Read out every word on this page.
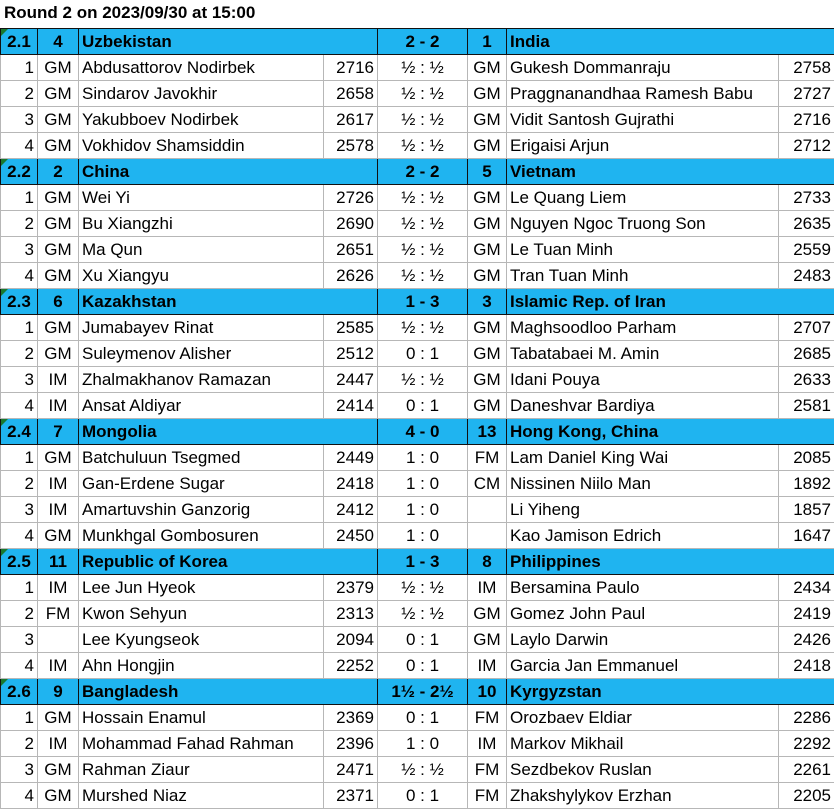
Round 2 on 2023/09/30 at 15:00
2.1	4	Uzbekistan		2 - 2	1	India	
1	GM	Abdusattorov Nodirbek	2716	½ : ½	GM	Gukesh Dommanraju	2758
2	GM	Sindarov Javokhir	2658	½ : ½	GM	Praggnanandhaa Ramesh Babu	2727
3	GM	Yakubboev Nodirbek	2617	½ : ½	GM	Vidit Santosh Gujrathi	2716
4	GM	Vokhidov Shamsiddin	2578	½ : ½	GM	Erigaisi Arjun	2712
2.2	2	China		2 - 2	5	Vietnam	
1	GM	Wei Yi	2726	½ : ½	GM	Le Quang Liem	2733
2	GM	Bu Xiangzhi	2690	½ : ½	GM	Nguyen Ngoc Truong Son	2635
3	GM	Ma Qun	2651	½ : ½	GM	Le Tuan Minh	2559
4	GM	Xu Xiangyu	2626	½ : ½	GM	Tran Tuan Minh	2483
2.3	6	Kazakhstan		1 - 3	3	Islamic Rep. of Iran	
1	GM	Jumabayev Rinat	2585	½ : ½	GM	Maghsoodloo Parham	2707
2	GM	Suleymenov Alisher	2512	0 : 1	GM	Tabatabaei M. Amin	2685
3	IM	Zhalmakhanov Ramazan	2447	½ : ½	GM	Idani Pouya	2633
4	IM	Ansat Aldiyar	2414	0 : 1	GM	Daneshvar Bardiya	2581
2.4	7	Mongolia		4 - 0	13	Hong Kong, China	
1	GM	Batchuluun Tsegmed	2449	1 : 0	FM	Lam Daniel King Wai	2085
2	IM	Gan-Erdene Sugar	2418	1 : 0	CM	Nissinen Niilo Man	1892
3	IM	Amartuvshin Ganzorig	2412	1 : 0		Li Yiheng	1857
4	GM	Munkhgal Gombosuren	2450	1 : 0		Kao Jamison Edrich	1647
2.5	11	Republic of Korea		1 - 3	8	Philippines	
1	IM	Lee Jun Hyeok	2379	½ : ½	IM	Bersamina Paulo	2434
2	FM	Kwon Sehyun	2313	½ : ½	GM	Gomez John Paul	2419
3		Lee Kyungseok	2094	0 : 1	GM	Laylo Darwin	2426
4	IM	Ahn Hongjin	2252	0 : 1	IM	Garcia Jan Emmanuel	2418
2.6	9	Bangladesh		1½ - 2½	10	Kyrgyzstan	
1	GM	Hossain Enamul	2369	0 : 1	FM	Orozbaev Eldiar	2286
2	IM	Mohammad Fahad Rahman	2396	1 : 0	IM	Markov Mikhail	2292
3	GM	Rahman Ziaur	2471	½ : ½	FM	Sezdbekov Ruslan	2261
4	GM	Murshed Niaz	2371	0 : 1	FM	Zhakshylykov Erzhan	2205
